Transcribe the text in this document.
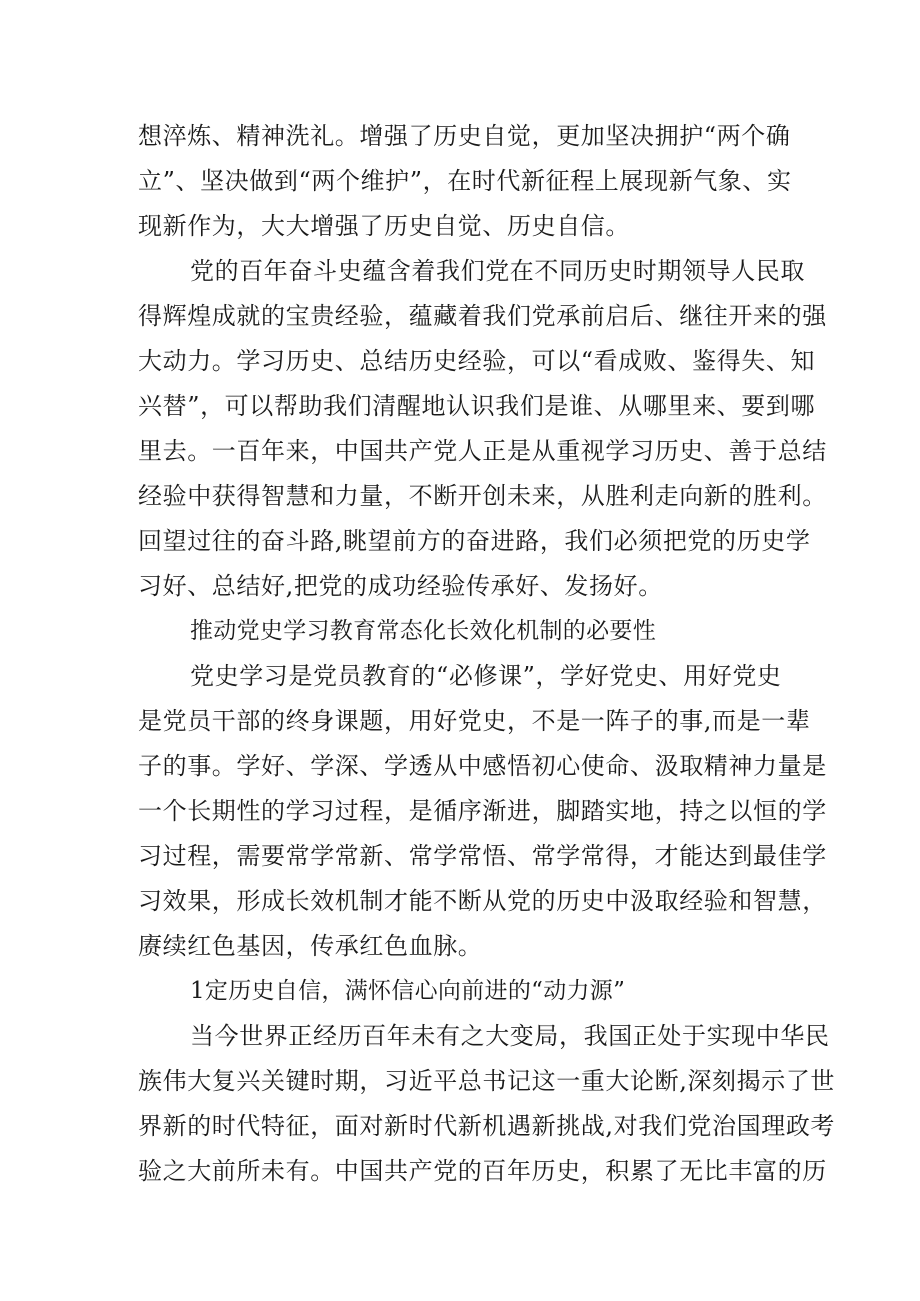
想淬炼、精神洗礼。增强了历史自觉，更加坚决拥护“两个确
立”、坚决做到“两个维护”，在时代新征程上展现新气象、实
现新作为，大大增强了历史自觉、历史自信。
党的百年奋斗史蕴含着我们党在不同历史时期领导人民取
得辉煌成就的宝贵经验，蕴藏着我们党承前启后、继往开来的强
大动力。学习历史、总结历史经验，可以“看成败、鉴得失、知
兴替”，可以帮助我们清醒地认识我们是谁、从哪里来、要到哪
里去。一百年来，中国共产党人正是从重视学习历史、善于总结
经验中获得智慧和力量，不断开创未来，从胜利走向新的胜利。
回望过往的奋斗路,眺望前方的奋进路，我们必须把党的历史学
习好、总结好,把党的成功经验传承好、发扬好。
推动党史学习教育常态化长效化机制的必要性
党史学习是党员教育的“必修课”，学好党史、用好党史
是党员干部的终身课题，用好党史，不是一阵子的事,而是一辈
子的事。学好、学深、学透从中感悟初心使命、汲取精神力量是
一个长期性的学习过程，是循序渐进，脚踏实地，持之以恒的学
习过程，需要常学常新、常学常悟、常学常得，才能达到最佳学
习效果，形成长效机制才能不断从党的历史中汲取经验和智慧，
赓续红色基因，传承红色血脉。
1定历史自信，满怀信心向前进的“动力源”
当今世界正经历百年未有之大变局，我国正处于实现中华民
族伟大复兴关键时期，习近平总书记这一重大论断,深刻揭示了世
界新的时代特征，面对新时代新机遇新挑战,对我们党治国理政考
验之大前所未有。中国共产党的百年历史，积累了无比丰富的历
